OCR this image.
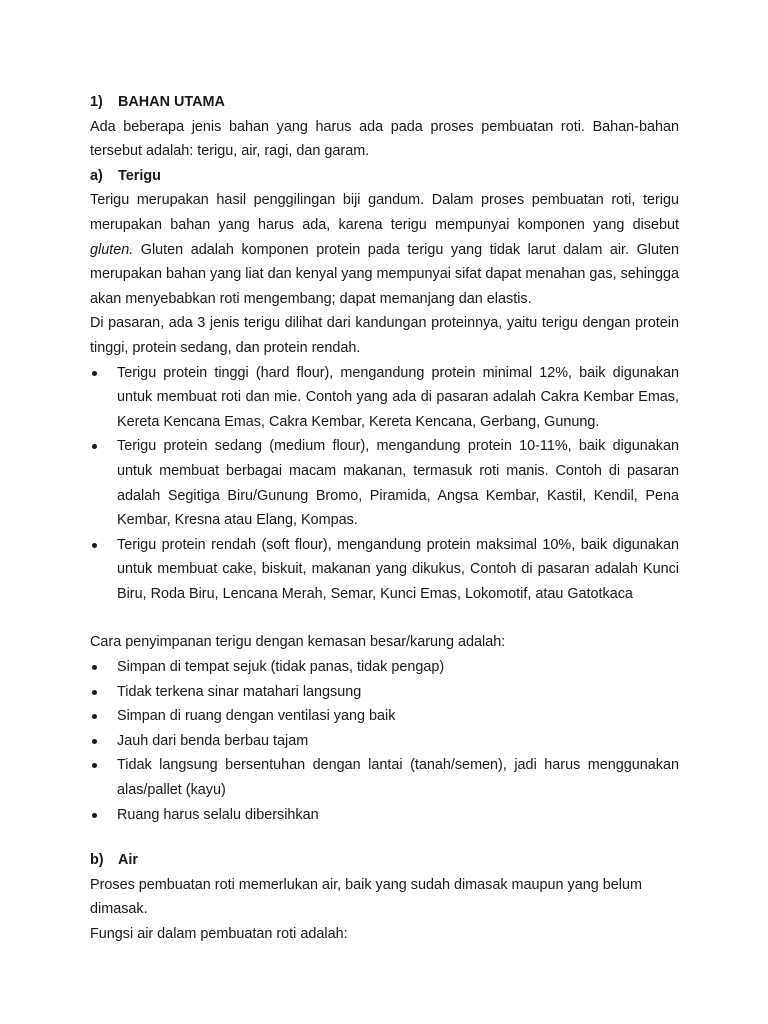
1)	BAHAN UTAMA

Ada beberapa jenis bahan yang harus ada pada proses pembuatan roti. Bahan-bahan tersebut adalah: terigu, air, ragi, dan garam.

a)	Terigu

Terigu merupakan hasil penggilingan biji gandum. Dalam proses pembuatan roti, terigu merupakan bahan yang harus ada, karena terigu mempunyai komponen yang disebut gluten. Gluten adalah komponen protein pada terigu yang tidak larut dalam air. Gluten merupakan bahan yang liat dan kenyal yang mempunyai sifat dapat menahan gas, sehingga akan menyebabkan roti mengembang; dapat memanjang dan elastis.

Di pasaran, ada 3 jenis terigu dilihat dari kandungan proteinnya, yaitu terigu dengan protein tinggi, protein sedang, dan protein rendah.

Terigu protein tinggi (hard flour), mengandung protein minimal 12%, baik digunakan untuk membuat roti dan mie. Contoh yang ada di pasaran adalah Cakra Kembar Emas, Kereta Kencana Emas, Cakra Kembar, Kereta Kencana, Gerbang, Gunung.
Terigu protein sedang (medium flour), mengandung protein 10-11%, baik digunakan untuk membuat berbagai macam makanan, termasuk roti manis. Contoh di pasaran adalah Segitiga Biru/Gunung Bromo, Piramida, Angsa Kembar, Kastil, Kendil, Pena Kembar, Kresna atau Elang, Kompas.
Terigu protein rendah (soft flour), mengandung protein maksimal 10%, baik digunakan untuk membuat cake, biskuit, makanan yang dikukus, Contoh di pasaran adalah Kunci Biru, Roda Biru, Lencana Merah, Semar, Kunci Emas, Lokomotif, atau Gatotkaca

Cara penyimpanan terigu dengan kemasan besar/karung adalah:

Simpan di tempat sejuk (tidak panas, tidak pengap)
Tidak terkena sinar matahari langsung
Simpan di ruang dengan ventilasi yang baik
Jauh dari benda berbau tajam
Tidak langsung bersentuhan dengan lantai (tanah/semen), jadi harus menggunakan alas/pallet (kayu)
Ruang harus selalu dibersihkan
b)	Air

Proses pembuatan roti memerlukan air, baik yang sudah dimasak maupun yang belum dimasak.

Fungsi air dalam pembuatan roti adalah:
